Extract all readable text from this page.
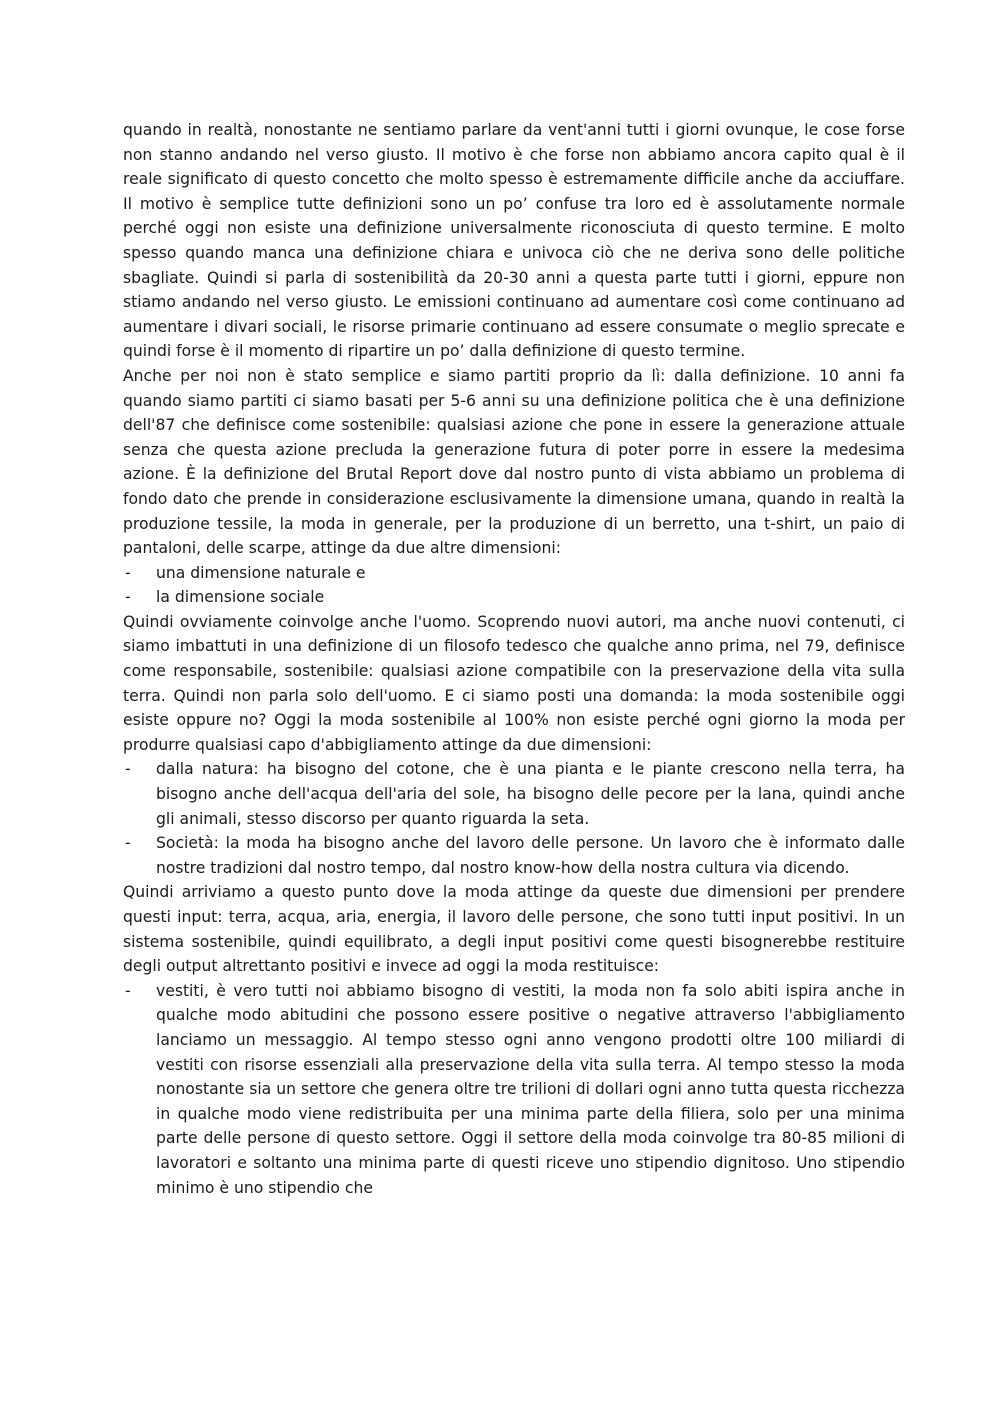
quando in realtà, nonostante ne sentiamo parlare da vent'anni tutti i giorni ovunque, le cose forse non stanno andando nel verso giusto. Il motivo è che forse non abbiamo ancora capito qual è il reale significato di questo concetto che molto spesso è estremamente difficile anche da acciuffare. Il motivo è semplice tutte definizioni sono un po’ confuse tra loro ed è assolutamente normale perché oggi non esiste una definizione universalmente riconosciuta di questo termine. E molto spesso quando manca una definizione chiara e univoca ciò che ne deriva sono delle politiche sbagliate. Quindi si parla di sostenibilità da 20-30 anni a questa parte tutti i giorni, eppure non stiamo andando nel verso giusto. Le emissioni continuano ad aumentare così come continuano ad aumentare i divari sociali, le risorse primarie continuano ad essere consumate o meglio sprecate e quindi forse è il momento di ripartire un po’ dalla definizione di questo termine.

Anche per noi non è stato semplice e siamo partiti proprio da lì: dalla definizione. 10 anni fa quando siamo partiti ci siamo basati per 5-6 anni su una definizione politica che è una definizione dell'87 che definisce come sostenibile: qualsiasi azione che pone in essere la generazione attuale senza che questa azione precluda la generazione futura di poter porre in essere la medesima azione. È la definizione del Brutal Report dove dal nostro punto di vista abbiamo un problema di fondo dato che prende in considerazione esclusivamente la dimensione umana, quando in realtà la produzione tessile, la moda in generale, per la produzione di un berretto, una t-shirt, un paio di pantaloni, delle scarpe, attinge da due altre dimensioni:

- una dimensione naturale e
- la dimensione sociale

Quindi ovviamente coinvolge anche l'uomo. Scoprendo nuovi autori, ma anche nuovi contenuti, ci siamo imbattuti in una definizione di un filosofo tedesco che qualche anno prima, nel 79, definisce come responsabile, sostenibile: qualsiasi azione compatibile con la preservazione della vita sulla terra. Quindi non parla solo dell'uomo. E ci siamo posti una domanda: la moda sostenibile oggi esiste oppure no? Oggi la moda sostenibile al 100% non esiste perché ogni giorno la moda per produrre qualsiasi capo d'abbigliamento attinge da due dimensioni:

- dalla natura: ha bisogno del cotone, che è una pianta e le piante crescono nella terra, ha bisogno anche dell'acqua dell'aria del sole, ha bisogno delle pecore per la lana, quindi anche gli animali, stesso discorso per quanto riguarda la seta.
- Società: la moda ha bisogno anche del lavoro delle persone. Un lavoro che è informato dalle nostre tradizioni dal nostro tempo, dal nostro know-how della nostra cultura via dicendo.

Quindi arriviamo a questo punto dove la moda attinge da queste due dimensioni per prendere questi input: terra, acqua, aria, energia, il lavoro delle persone, che sono tutti input positivi. In un sistema sostenibile, quindi equilibrato, a degli input positivi come questi bisognerebbe restituire degli output altrettanto positivi e invece ad oggi la moda restituisce:

- vestiti, è vero tutti noi abbiamo bisogno di vestiti, la moda non fa solo abiti ispira anche in qualche modo abitudini che possono essere positive o negative attraverso l'abbigliamento lanciamo un messaggio. Al tempo stesso ogni anno vengono prodotti oltre 100 miliardi di vestiti con risorse essenziali alla preservazione della vita sulla terra. Al tempo stesso la moda nonostante sia un settore che genera oltre tre trilioni di dollari ogni anno tutta questa ricchezza in qualche modo viene redistribuita per una minima parte della filiera, solo per una minima parte delle persone di questo settore. Oggi il settore della moda coinvolge tra 80-85 milioni di lavoratori e soltanto una minima parte di questi riceve uno stipendio dignitoso. Uno stipendio minimo è uno stipendio che
